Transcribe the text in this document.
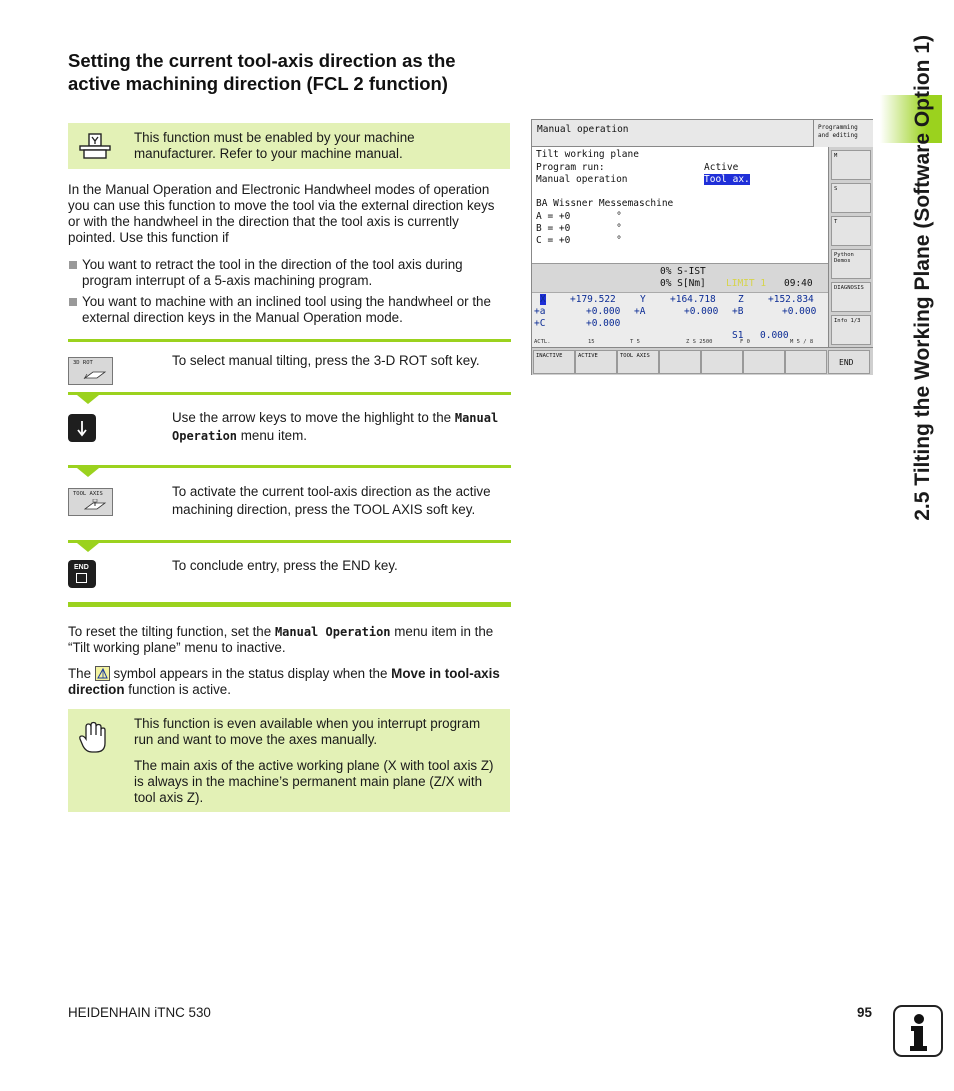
Setting the current tool-axis direction as the active machining direction (FCL 2 function)
This function must be enabled by your machine manufacturer. Refer to your machine manual.
In the Manual Operation and Electronic Handwheel modes of operation you can use this function to move the tool via the external direction keys or with the handwheel in the direction that the tool axis is currently pointed. Use this function if
You want to retract the tool in the direction of the tool axis during program interrupt of a 5-axis machining program.
You want to machine with an inclined tool using the handwheel or the external direction keys in the Manual Operation mode.
3D ROT	To select manual tilting, press the 3-D ROT soft key.
Use the arrow keys to move the highlight to the Manual Operation menu item.
TOOL AXIS	To activate the current tool-axis direction as the active machining direction, press the TOOL AXIS soft key.
END	To conclude entry, press the END key.
To reset the tilting function, set the Manual Operation menu item in the “Tilt working plane” menu to inactive.
The
symbol appears in the status display when the Move in tool-axis direction function is active.

This function is even available when you interrupt program run and want to move the axes manually.

The main axis of the active working plane (X with tool axis Z) is always in the machine’s permanent main plane (Z/X with tool axis Z).

Manual operation	Programming
and editing
Tilt working plane
Program run:	Active
Manual operation	Tool ax.
BA Wissner Messemaschine
A = +0        °
B = +0        °
C = +0        °
0% S-IST
0% S[Nm] LIMIT 1 09:40
X	+179.522	Y	+164.718 Z	+152.834
+a	+0.000 +A	+0.000 +B	+0.000
+C	+0.000
S1 0.000
ACTL.	15	T 5	Z S 2500	F 0	M 5 / 8
M
S
T
Python Demos
DIAGNOSIS
Info 1/3
INACTIVE	ACTIVE	TOOL AXIS
END	2.5 Tilting the Working Plane (Software Option 1)
HEIDENHAIN iTNC 530	95
